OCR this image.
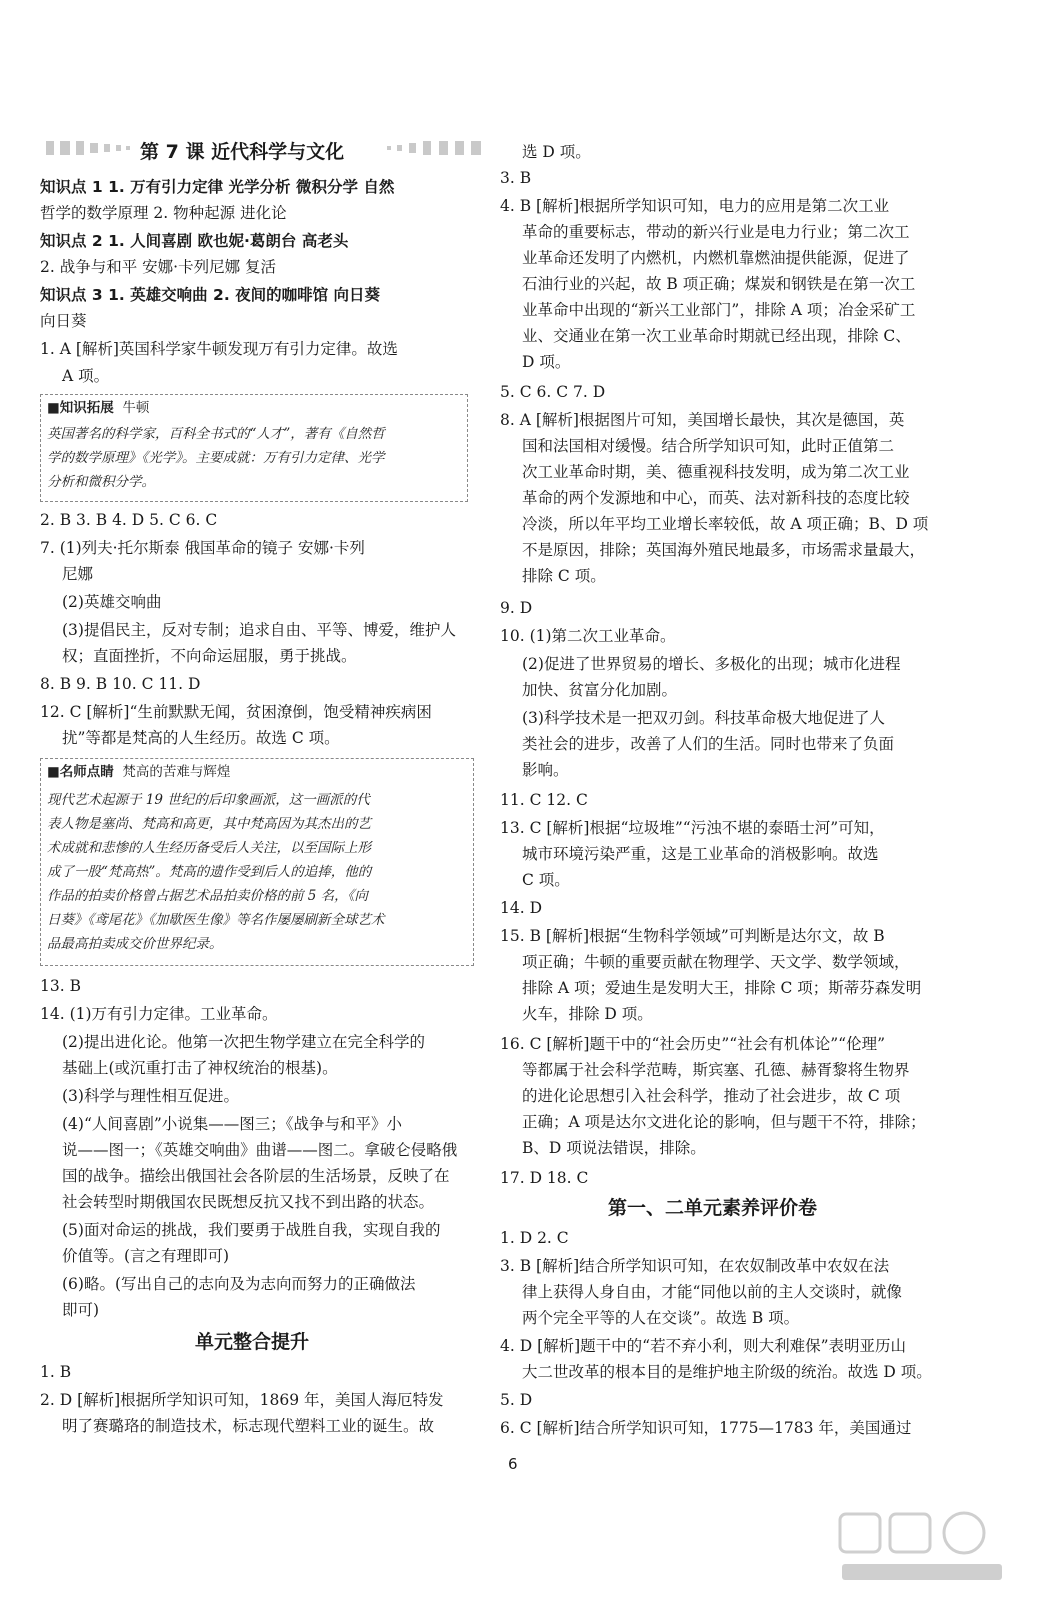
第 7 课 近代科学与文化
知识点 1 1. 万有引力定律 光学分析 微积分学 自然
哲学的数学原理 2. 物种起源 进化论
知识点 2 1. 人间喜剧 欧也妮·葛朗台 高老头
2. 战争与和平 安娜·卡列尼娜 复活
知识点 3 1. 英雄交响曲 2. 夜间的咖啡馆 向日葵
向日葵
1. A [解析]英国科学家牛顿发现万有引力定律。故选
A 项。
2. B 3. B 4. D 5. C 6. C
7. (1)列夫·托尔斯泰 俄国革命的镜子 安娜·卡列
尼娜
(2)英雄交响曲
(3)提倡民主，反对专制；追求自由、平等、博爱，维护人
权；直面挫折，不向命运屈服，勇于挑战。
8. B 9. B 10. C 11. D
12. C [解析]“生前默默无闻，贫困潦倒，饱受精神疾病困
扰”等都是梵高的人生经历。故选 C 项。
13. B
14. (1)万有引力定律。工业革命。
(2)提出进化论。他第一次把生物学建立在完全科学的
基础上(或沉重打击了神权统治的根基)。
(3)科学与理性相互促进。
(4)“人间喜剧”小说集——图三；《战争与和平》小
说——图一；《英雄交响曲》曲谱——图二。拿破仑侵略俄
国的战争。描绘出俄国社会各阶层的生活场景，反映了在
社会转型时期俄国农民既想反抗又找不到出路的状态。
(5)面对命运的挑战，我们要勇于战胜自我，实现自我的
价值等。(言之有理即可)
(6)略。(写出自己的志向及为志向而努力的正确做法
即可)
单元整合提升
1. B
2. D [解析]根据所学知识可知，1869 年，美国人海厄特发
明了赛璐珞的制造技术，标志现代塑料工业的诞生。故
选 D 项。
3. B
4. B [解析]根据所学知识可知，电力的应用是第二次工业
革命的重要标志，带动的新兴行业是电力行业；第二次工
业革命还发明了内燃机，内燃机靠燃油提供能源，促进了
石油行业的兴起，故 B 项正确；煤炭和钢铁是在第一次工
业革命中出现的“新兴工业部门”，排除 A 项；冶金采矿工
业、交通业在第一次工业革命时期就已经出现，排除 C、
D 项。
5. C 6. C 7. D
8. A [解析]根据图片可知，美国增长最快，其次是德国，英
国和法国相对缓慢。结合所学知识可知，此时正值第二
次工业革命时期，美、德重视科技发明，成为第二次工业
革命的两个发源地和中心，而英、法对新科技的态度比较
冷淡，所以年平均工业增长率较低，故 A 项正确；B、D 项
不是原因，排除；英国海外殖民地最多，市场需求量最大，
排除 C 项。
9. D
10. (1)第二次工业革命。
(2)促进了世界贸易的增长、多极化的出现；城市化进程
加快、贫富分化加剧。
(3)科学技术是一把双刃剑。科技革命极大地促进了人
类社会的进步，改善了人们的生活。同时也带来了负面
影响。
11. C 12. C
13. C [解析]根据“垃圾堆”“污浊不堪的泰晤士河”可知，
城市环境污染严重，这是工业革命的消极影响。故选
C 项。
14. D
15. B [解析]根据“生物科学领域”可判断是达尔文，故 B
项正确；牛顿的重要贡献在物理学、天文学、数学领域，
排除 A 项；爱迪生是发明大王，排除 C 项；斯蒂芬森发明
火车，排除 D 项。
16. C [解析]题干中的“社会历史”“社会有机体论”“伦理”
等都属于社会科学范畴，斯宾塞、孔德、赫胥黎将生物界
的进化论思想引入社会科学，推动了社会进步，故 C 项
正确；A 项是达尔文进化论的影响，但与题干不符，排除；
B、D 项说法错误，排除。
17. D 18. C
第一、二单元素养评价卷
1. D 2. C
3. B [解析]结合所学知识可知，在农奴制改革中农奴在法
律上获得人身自由，才能“同他以前的主人交谈时，就像
两个完全平等的人在交谈”。故选 B 项。
4. D [解析]题干中的“若不弃小利，则大利难保”表明亚历山
大二世改革的根本目的是维护地主阶级的统治。故选 D 项。
5. D
6. C [解析]结合所学知识可知，1775—1783 年，美国通过
■知识拓展 牛顿
英国著名的科学家，百科全书式的“人才”，著有《自然哲
学的数学原理》《光学》。主要成就：万有引力定律、光学
分析和微积分学。
■名师点睛 梵高的苦难与辉煌
现代艺术起源于 19 世纪的后印象画派，这一画派的代
表人物是塞尚、梵高和高更，其中梵高因为其杰出的艺
术成就和悲惨的人生经历备受后人关注，以至国际上形
成了一股“梵高热”。梵高的遗作受到后人的追捧，他的
作品的拍卖价格曾占据艺术品拍卖价格的前 5 名，《向
日葵》《鸢尾花》《加歇医生像》等名作屡屡刷新全球艺术
品最高拍卖成交价世界纪录。
6
